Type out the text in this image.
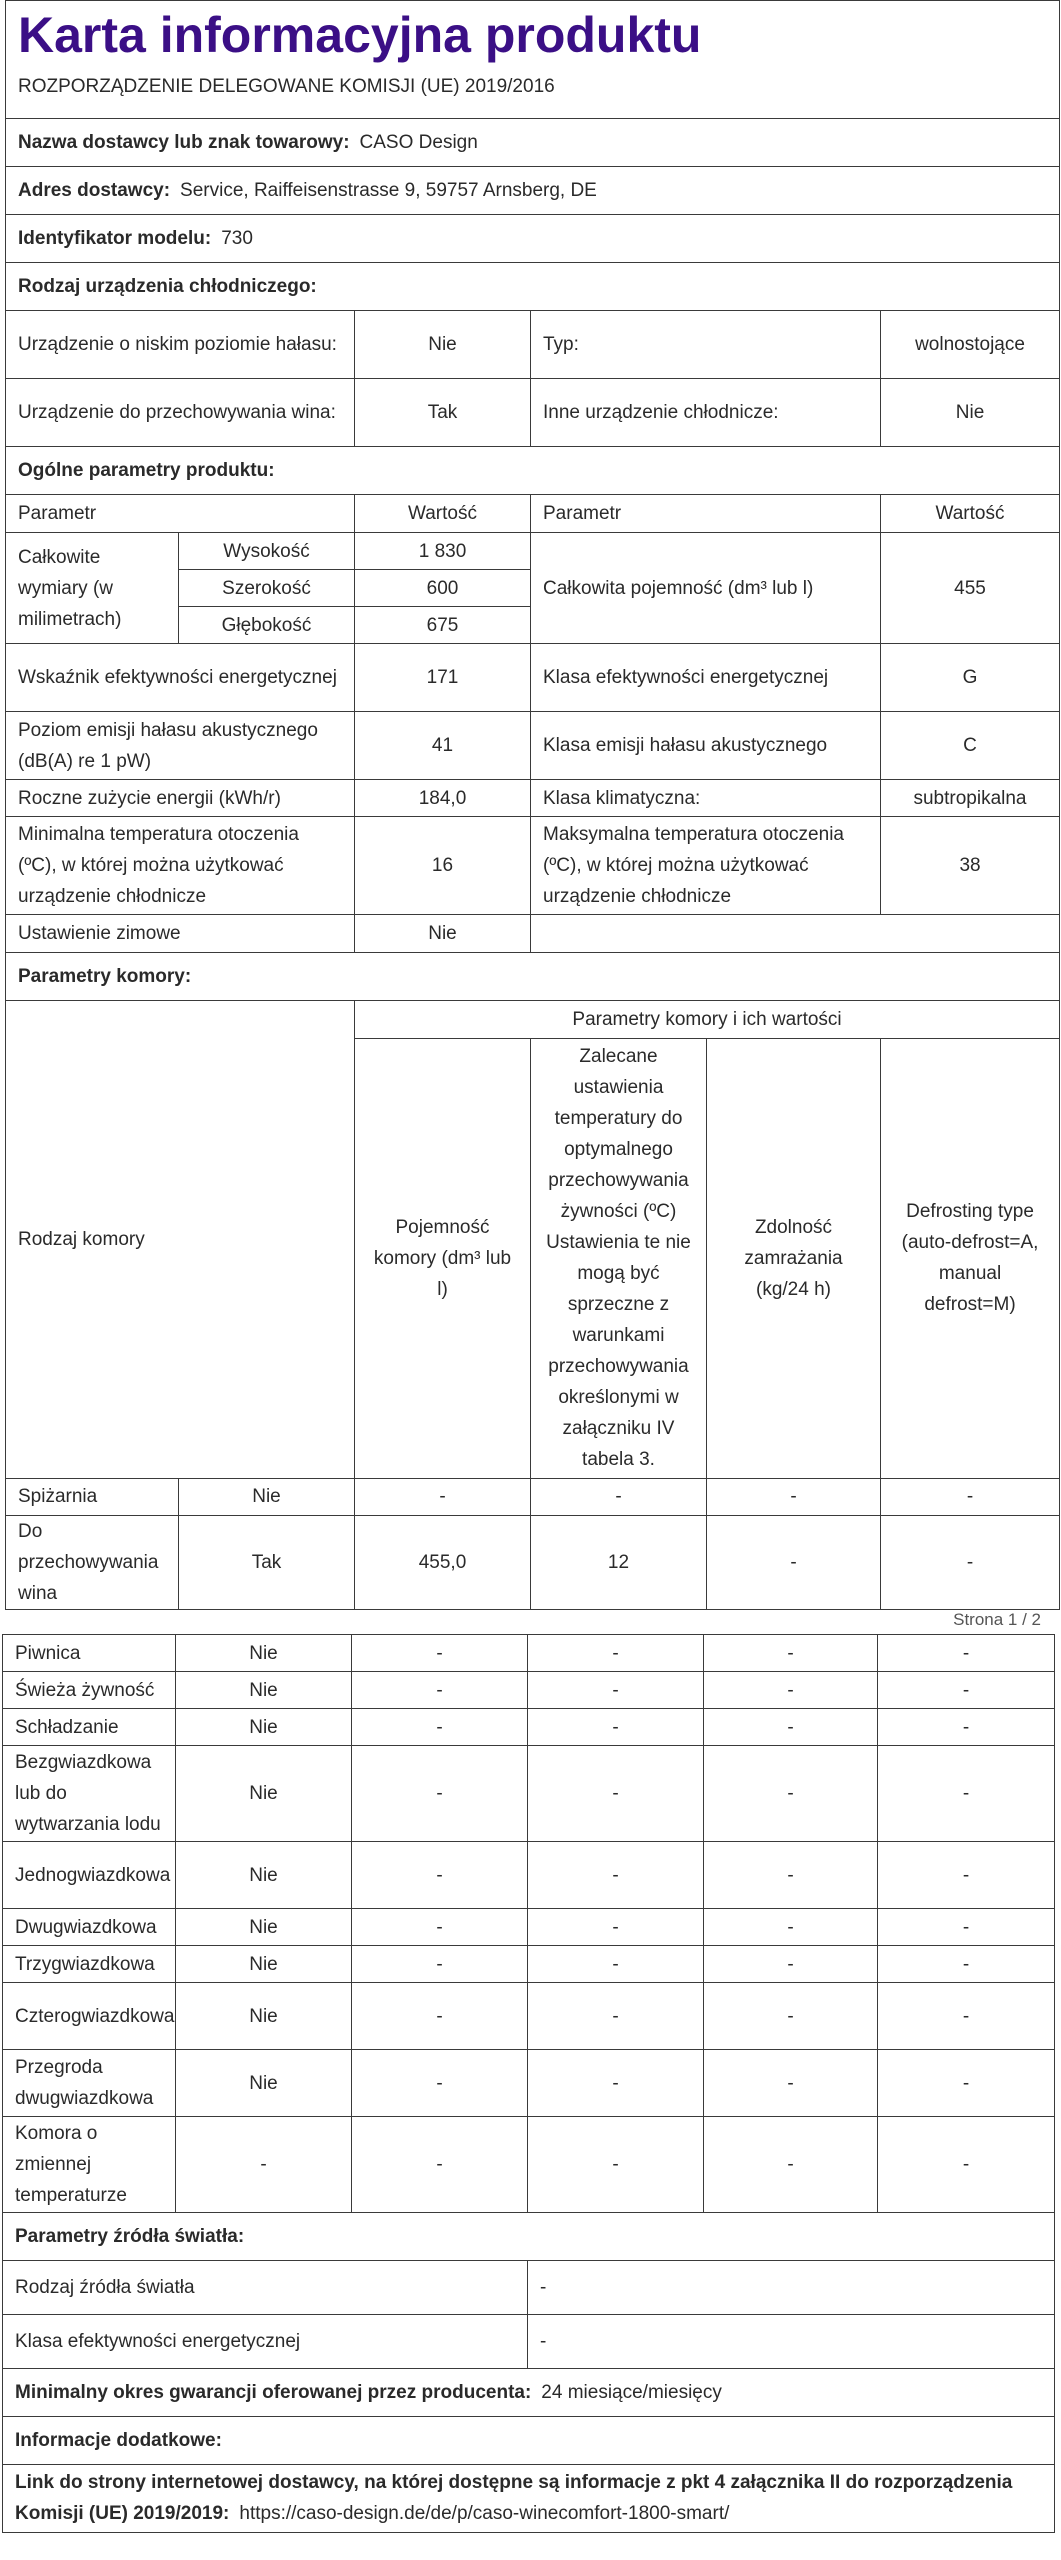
Karta informacyjna produktu
ROZPORZĄDZENIE DELEGOWANE KOMISJI (UE) 2019/2016				

Nazwa dostawcy lub znak towarowy: CASO Design				
Adres dostawcy: Service, Raiffeisenstrasse 9, 59757 Arnsberg, DE				
Identyfikator modelu: 730				
Rodzaj urządzenia chłodniczego:				
Urządzenie o niskim poziomie hałasu:		Nie	Typ:	wolnostojące
Urządzenie do przechowywania wina:		Tak	Inne urządzenie chłodnicze:	Nie
Ogólne parametry produktu:				
Parametr		Wartość	Parametr	Wartość
Całkowite wymiary (w milimetrach)	Wysokość	1 830	Całkowita pojemność (dm³ lub l)	455
	Szerokość	600		
	Głębokość	675		
Wskaźnik efektywności energetycznej		171	Klasa efektywności energetycznej	G
Poziom emisji hałasu akustycznego (dB(A) re 1 pW)		41	Klasa emisji hałasu akustycznego	C
Roczne zużycie energii (kWh/r)		184,0	Klasa klimatyczna:	subtropikalna
Minimalna temperatura otoczenia (ºC), w której można użytkować urządzenie chłodnicze		16	Maksymalna temperatura otoczenia (ºC), w której można użytkować urządzenie chłodnicze	38
Ustawienie zimowe		Nie		
Parametry komory:				
Rodzaj komory		Parametry komory i ich wartości			
		Pojemność komory (dm³ lub l)	Zalecane ustawienia temperatury do optymalnego przechowywania żywności (ºC) Ustawienia te nie mogą być sprzeczne z warunkami przechowywania określonymi w załączniku IV tabela 3.	Zdolność zamrażania (kg/24 h)	Defrosting type (auto-defrost=A, manual defrost=M)
Spiżarnia	Nie	-	-	-	-
Do przechowywania wina	Tak	455,0	12	-	-
Strona 1 / 2
Piwnica	Nie	-	-	-	-
Świeża żywność	Nie	-	-	-	-
Schładzanie	Nie	-	-	-	-
Bezgwiazdkowa lub do wytwarzania lodu	Nie	-	-	-	-
Jednogwiazdkowa	Nie	-	-	-	-
Dwugwiazdkowa	Nie	-	-	-	-
Trzygwiazdkowa	Nie	-	-	-	-
Czterogwiazdkowa	Nie	-	-	-	-
Przegroda dwugwiazdkowa	Nie	-	-	-	-
Komora o zmiennej temperaturze	-	-	-	-	-
Parametry źródła światła:	
Rodzaj źródła światła	-
Klasa efektywności energetycznej	-
Minimalny okres gwarancji oferowanej przez producenta: 24 miesiące/miesięcy	
Informacje dodatkowe:	
Link do strony internetowej dostawcy, na której dostępne są informacje z pkt 4 załącznika II do rozporządzenia Komisji (UE) 2019/2019: https://caso-design.de/de/p/caso-winecomfort-1800-smart/	
